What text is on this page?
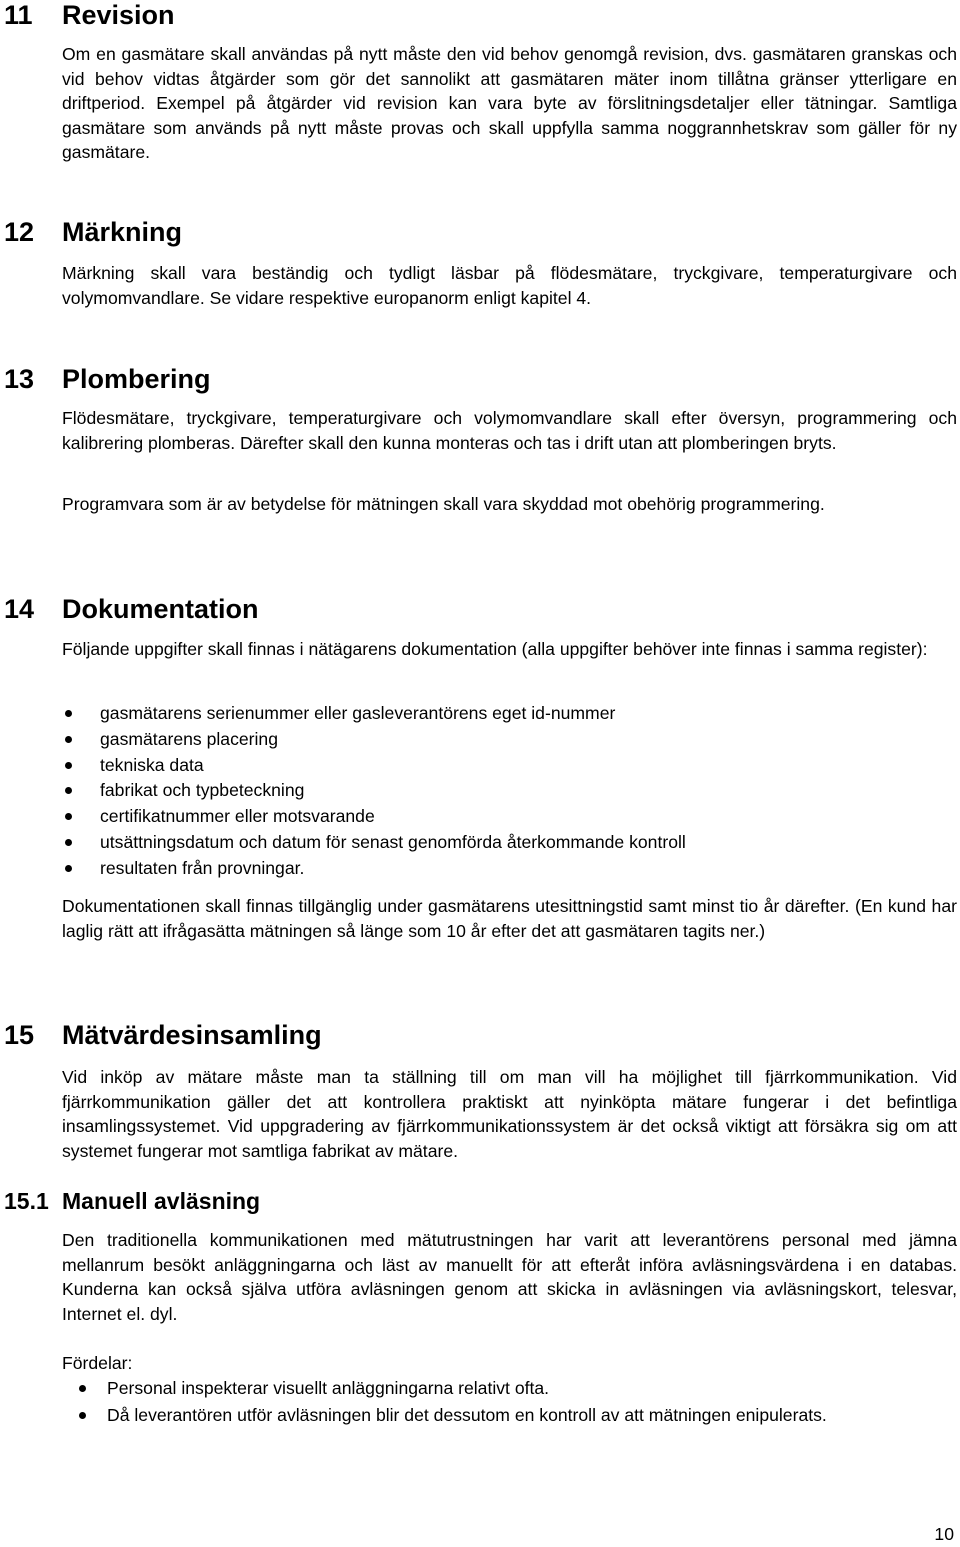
11 Revision

Om en gasmätare skall användas på nytt måste den vid behov genomgå revision, dvs. gasmätaren granskas och vid behov vidtas åtgärder som gör det sannolikt att gasmätaren mäter inom tillåtna gränser ytterligare en driftperiod. Exempel på åtgärder vid revision kan vara byte av förslitningsdetaljer eller tätningar. Samtliga gasmätare som används på nytt måste provas och skall uppfylla samma noggrannhetskrav som gäller för ny gasmätare.

12 Märkning

Märkning skall vara beständig och tydligt läsbar på flödesmätare, tryckgivare, temperaturgivare och volymomvandlare. Se vidare respektive europanorm enligt kapitel 4.

13 Plombering

Flödesmätare, tryckgivare, temperaturgivare och volymomvandlare skall efter översyn, programmering och kalibrering plomberas. Därefter skall den kunna monteras och tas i drift utan att plomberingen bryts.

Programvara som är av betydelse för mätningen skall vara skyddad mot obehörig programmering.

14 Dokumentation

Följande uppgifter skall finnas i nätägarens dokumentation (alla uppgifter behöver inte finnas i samma register):

gasmätarens serienummer eller gasleverantörens eget id-nummer
gasmätarens placering
tekniska data
fabrikat och typbeteckning
certifikatnummer eller motsvarande
utsättningsdatum och datum för senast genomförda återkommande kontroll
resultaten från provningar.

Dokumentationen skall finnas tillgänglig under gasmätarens utesittningstid samt minst tio år därefter. (En kund har laglig rätt att ifrågasätta mätningen så länge som 10 år efter det att gasmätaren tagits ner.)

15 Mätvärdesinsamling

Vid inköp av mätare måste man ta ställning till om man vill ha möjlighet till fjärrkommunikation. Vid fjärrkommunikation gäller det att kontrollera praktiskt att nyinköpta mätare fungerar i det befintliga insamlingssystemet. Vid uppgradering av fjärrkommunikationssystem är det också viktigt att försäkra sig om att systemet fungerar mot samtliga fabrikat av mätare.

15.1 Manuell avläsning

Den traditionella kommunikationen med mätutrustningen har varit att leverantörens personal med jämna mellanrum besökt anläggningarna och läst av manuellt för att efteråt införa avläsningsvärdena i en databas. Kunderna kan också själva utföra avläsningen genom att skicka in avläsningen via avläsningskort, telesvar, Internet el. dyl.

Fördelar:

Personal inspekterar visuellt anläggningarna relativt ofta.
Då leverantören utför avläsningen blir det dessutom en kontroll av att mätningen enipulerats.
10
